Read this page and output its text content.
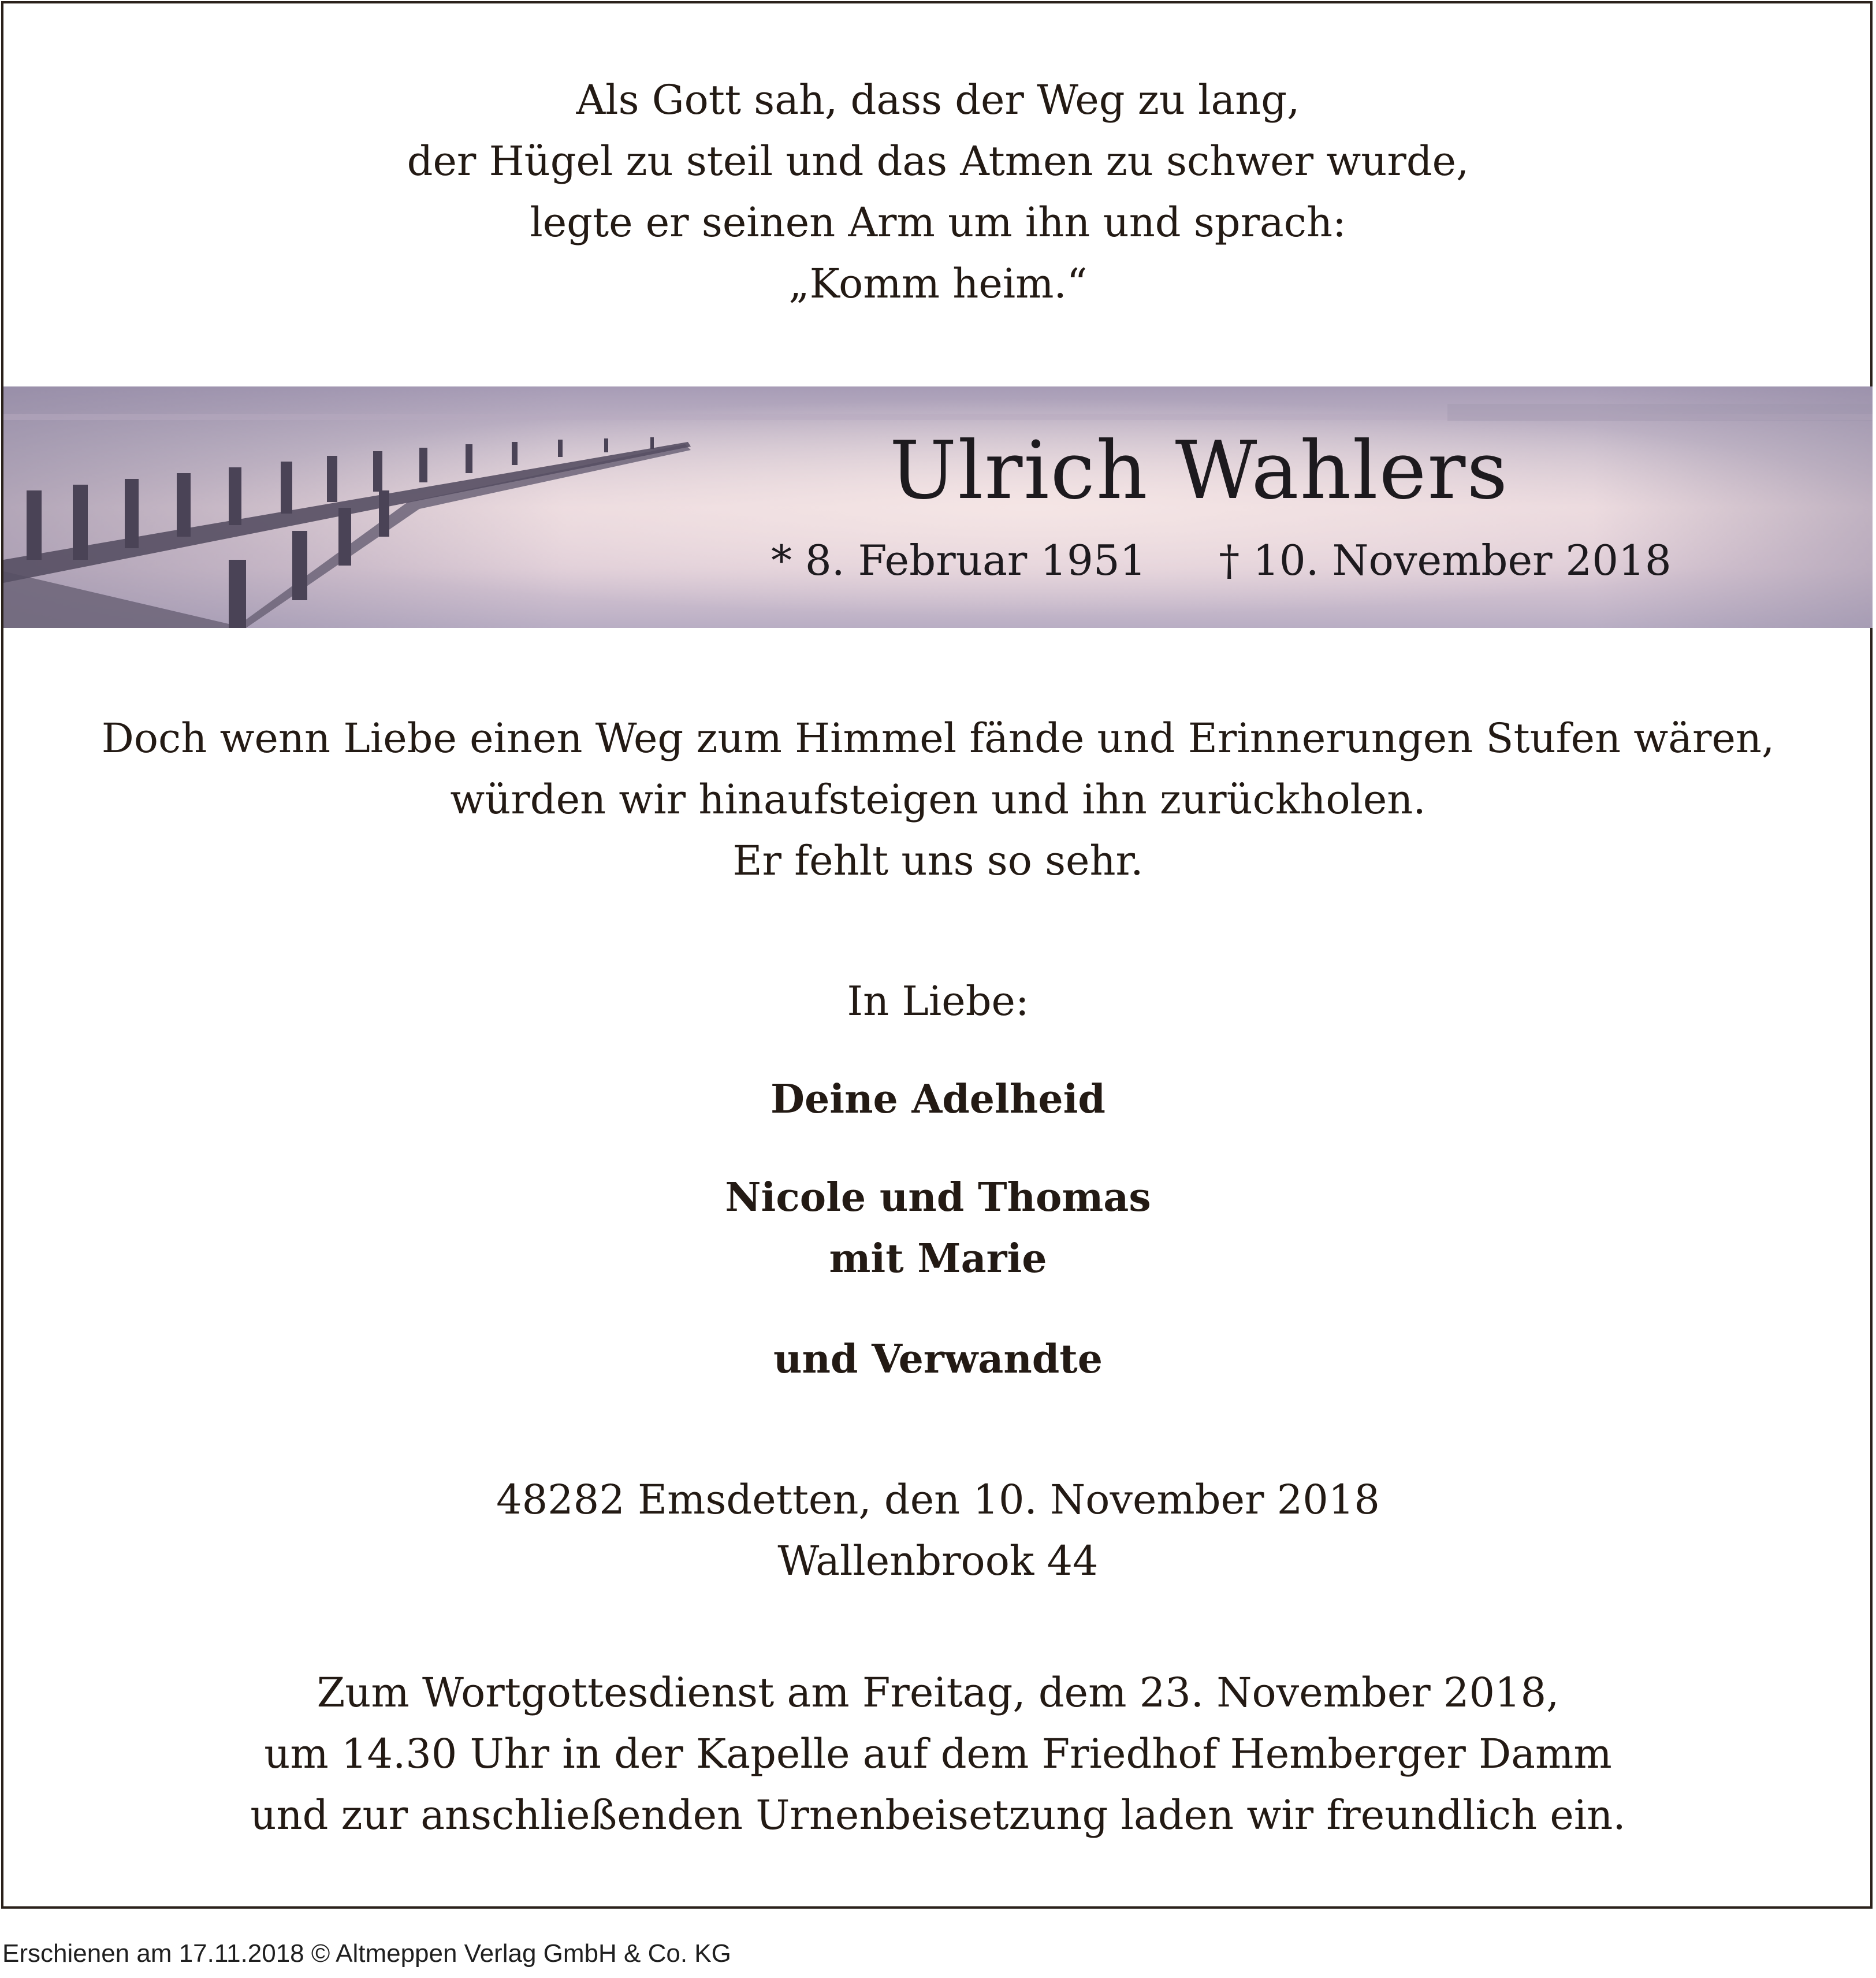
Als Gott sah, dass der Weg zu lang,
der Hügel zu steil und das Atmen zu schwer wurde,
legte er seinen Arm um ihn und sprach:
„Komm heim.“
Ulrich Wahlers
* 8. Februar 1951 † 10. November 2018
Doch wenn Liebe einen Weg zum Himmel fände und Erinnerungen Stufen wären,
würden wir hinaufsteigen und ihn zurückholen.
Er fehlt uns so sehr.
In Liebe:
Deine Adelheid
Nicole und Thomas
mit Marie
und Verwandte
48282 Emsdetten, den 10. November 2018
Wallenbrook 44
Zum Wortgottesdienst am Freitag, dem 23. November 2018,
um 14.30 Uhr in der Kapelle auf dem Friedhof Hemberger Damm
und zur anschließenden Urnenbeisetzung laden wir freundlich ein.
Erschienen am 17.11.2018 © Altmeppen Verlag GmbH & Co. KG
